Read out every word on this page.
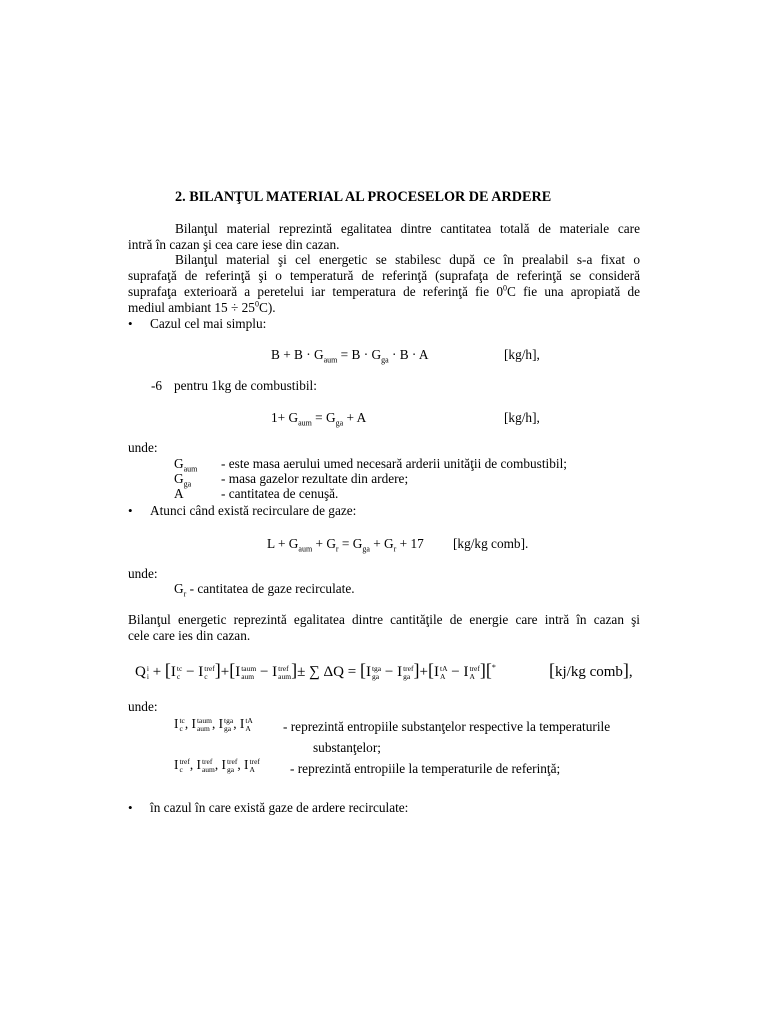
2. BILANŢUL MATERIAL AL PROCESELOR DE ARDERE
Bilanţul material reprezintă egalitatea dintre cantitatea totală de materiale care
intră în cazan şi cea care iese din cazan.
Bilanţul material şi cel energetic se stabilesc după ce în prealabil s-a fixat o
suprafaţă de referinţă şi o temperatură de referinţă (suprafaţa de referinţă se consideră
suprafaţa exterioară a peretelui iar temperatura de referinţă fie $0^0C$ fie una apropiată de
mediul ambiant $15 \div 25^0C$).
• Cazul cel mai simplu:
$B + B \cdot G_{aum} = B \cdot G_{ga} \cdot B \cdot A$	[kg/h],
-6 pentru 1kg de combustibil:
$1+ G_{aum} = G_{ga} + A$	[kg/h],
unde:
$G_{aum}$ - este masa aerului umed necesară arderii unităţii de combustibil;
$G_{ga}$ - masa gazelor rezultate din ardere;
A	- cantitatea de cenuşă.
• Atunci când există recirculare de gaze:
$L + G_{aum} + G_r = G_{ga} + G_r + 17$ [kg/kg comb].
unde:
$G_r$ - cantitatea de gaze recirculate.
Bilanţul energetic reprezintă egalitatea dintre cantităţile de energie care intră în cazan şi
cele care ies din cazan.
Q i
i + [I tc
c − I tref
c ]+[I taum
aum − I tref
aum ]± ∑ ΔQ = [I tga
ga − I tref
ga ]+[I tA
A − I tref
A ][*	[kj/kg comb],
unde:
I tc
c , I taum
aum , I tga
ga , I tA
A - reprezintă entropiile substanţelor respective la temperaturile
substanţelor;
I tref
c , I tref
aum , I tref
ga , I tref
A	- reprezintă entropiile la temperaturile de referinţă;
• în cazul în care există gaze de ardere recirculate:
